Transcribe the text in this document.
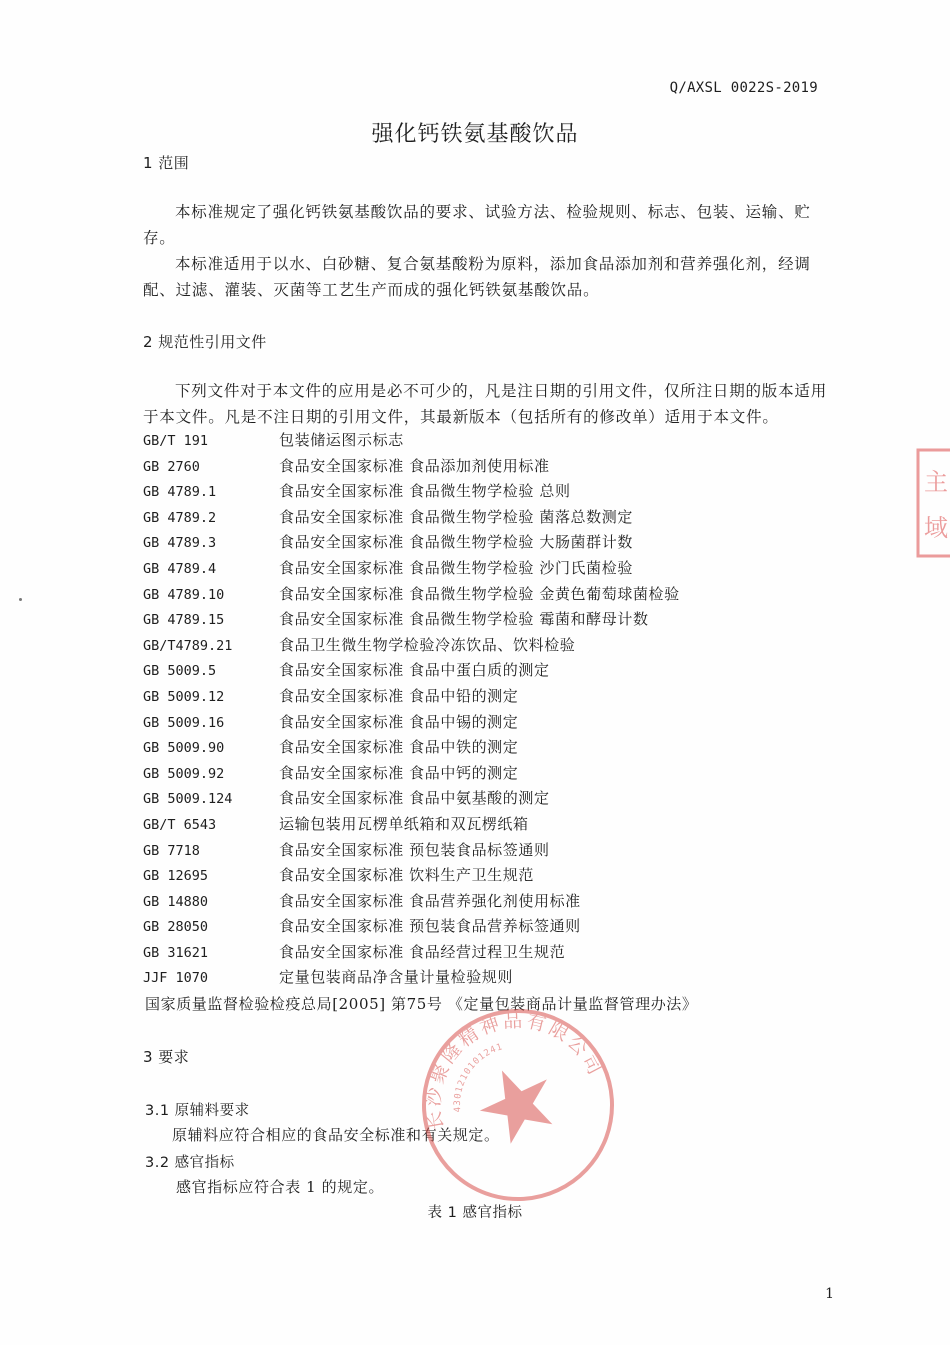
Q/AXSL 0022S-2019
强化钙铁氨基酸饮品
1 范围

本标准规定了强化钙铁氨基酸饮品的要求、试验方法、检验规则、标志、包装、运输、贮存。

本标准适用于以水、白砂糖、复合氨基酸粉为原料，添加食品添加剂和营养强化剂，经调配、过滤、灌装、灭菌等工艺生产而成的强化钙铁氨基酸饮品。

2 规范性引用文件

下列文件对于本文件的应用是必不可少的，凡是注日期的引用文件，仅所注日期的版本适用于本文件。凡是不注日期的引用文件，其最新版本（包括所有的修改单）适用于本文件。

GB/T 191	包装储运图示标志
GB 2760	食品安全国家标准 食品添加剂使用标准
GB 4789.1	食品安全国家标准 食品微生物学检验 总则
GB 4789.2	食品安全国家标准 食品微生物学检验 菌落总数测定
GB 4789.3	食品安全国家标准 食品微生物学检验 大肠菌群计数
GB 4789.4	食品安全国家标准 食品微生物学检验 沙门氏菌检验
GB 4789.10	食品安全国家标准 食品微生物学检验 金黄色葡萄球菌检验
GB 4789.15	食品安全国家标准 食品微生物学检验 霉菌和酵母计数
GB/T4789.21	食品卫生微生物学检验冷冻饮品、饮料检验
GB 5009.5	食品安全国家标准 食品中蛋白质的测定
GB 5009.12	食品安全国家标准 食品中铅的测定
GB 5009.16	食品安全国家标准 食品中锡的测定
GB 5009.90	食品安全国家标准 食品中铁的测定
GB 5009.92	食品安全国家标准 食品中钙的测定
GB 5009.124	食品安全国家标准 食品中氨基酸的测定
GB/T 6543	运输包装用瓦楞单纸箱和双瓦楞纸箱
GB 7718	食品安全国家标准 预包装食品标签通则
GB 12695	食品安全国家标准 饮料生产卫生规范
GB 14880	食品安全国家标准 食品营养强化剂使用标准
GB 28050	食品安全国家标准 预包装食品营养标签通则
GB 31621	食品安全国家标准 食品经营过程卫生规范
JJF 1070	定量包装商品净含量计量检验规则
国家质量监督检验检疫总局[2005] 第75号 《定量包装商品计量监督管理办法》
3 要求
3.1 原辅料要求
原辅料应符合相应的食品安全标准和有关规定。
3.2 感官指标
感官指标应符合表 1 的规定。
表 1 感官指标
1
长沙聚隆精神品有限公司
4301210101241
主
域
